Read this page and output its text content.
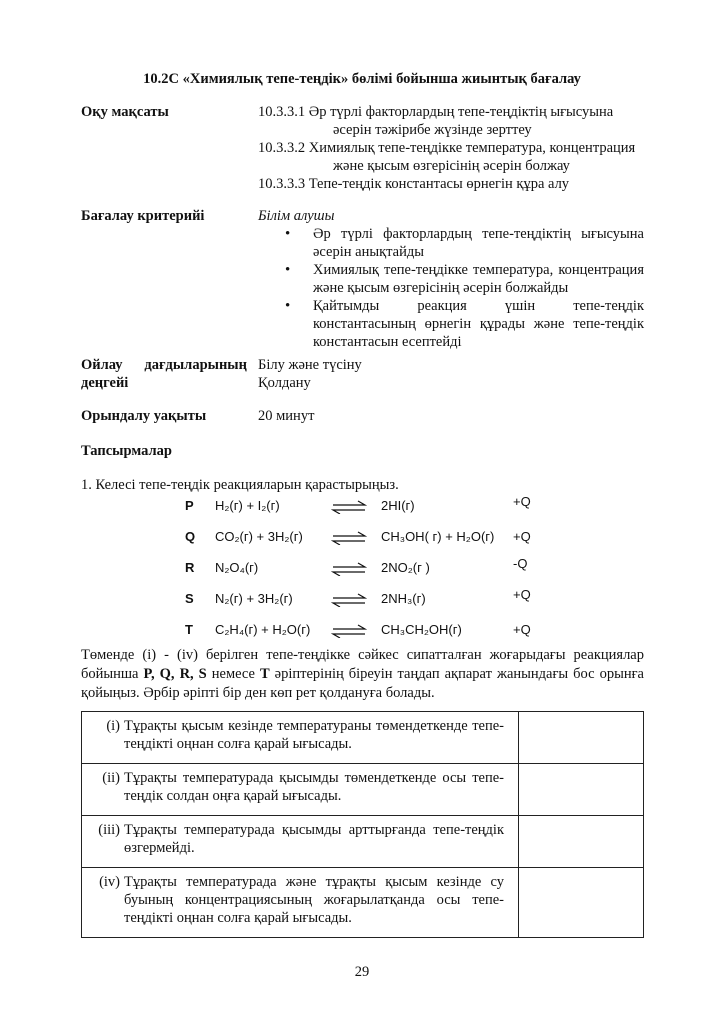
10.2С «Химиялық тепе-теңдік» бөлімі бойынша жиынтық бағалау
Оқу мақсаты	10.3.3.1 Әр түрлі факторлардың тепе-теңдіктің ығысуына
әсерін тәжірибе жүзінде зерттеу
10.3.3.2 Химиялық тепе-теңдікке температура, концентрация
және қысым өзгерісінің әсерін болжау
10.3.3.3 Тепе-теңдік константасы өрнегін құра алу
Бағалау критерийі	Білім алушы
• Әр түрлі факторлардың тепе-теңдіктің ығысуына
әсерін анықтайды
• Химиялық тепе-теңдікке температура, концентрация
және қысым өзгерісінің әсерін болжайды
• Қайтымды реакция үшін тепе-теңдік
константасының өрнегін құрады және тепе-теңдік
константасын есептейді
Ойлау дағдыларының
деңгейі
Білу және түсіну
Қолдану
Орындалу уақыты	20 минут
Тапсырмалар
1. Келесі тепе-теңдік реакцияларын қарастырыңыз.
P H₂(г) + I₂(г)	⇌ 2HI(г)	+Q
Q CO₂(г) + 3H₂(г) ⇌ CH₃OH( г) + H₂O(г) +Q
R N₂O₄(г)	⇌ 2NO₂(г )	-Q
S N₂(г) + 3H₂(г)	⇌ 2NH₃(г)	+Q
T C₂H₄(г) + H₂O(г) ⇌ CH₃CH₂OH(г)	+Q
Төменде (i) - (iv) берілген тепе-теңдікке сәйкес сипатталған жоғарыдағы реакциялар бойынша P, Q, R, S немесе T әріптерінің біреуін таңдап ақпарат жанындағы бос орынға қойыңыз. Әрбір әріпті бір ден көп рет қолдануға болады.
(i) Тұрақты қысым кезінде температураны төмендеткенде тепе-теңдікті оңнан солға қарай ығысады.	
(ii) Тұрақты температурада қысымды төмендеткенде осы тепе-теңдік солдан оңға қарай ығысады.	
(iii) Тұрақты температурада қысымды арттырғанда тепе-теңдік өзгермейді.	
(iv) Тұрақты температурада және тұрақты қысым кезінде су буының концентрациясының жоғарылатқанда осы тепе-теңдікті оңнан солға қарай ығысады.	
29
